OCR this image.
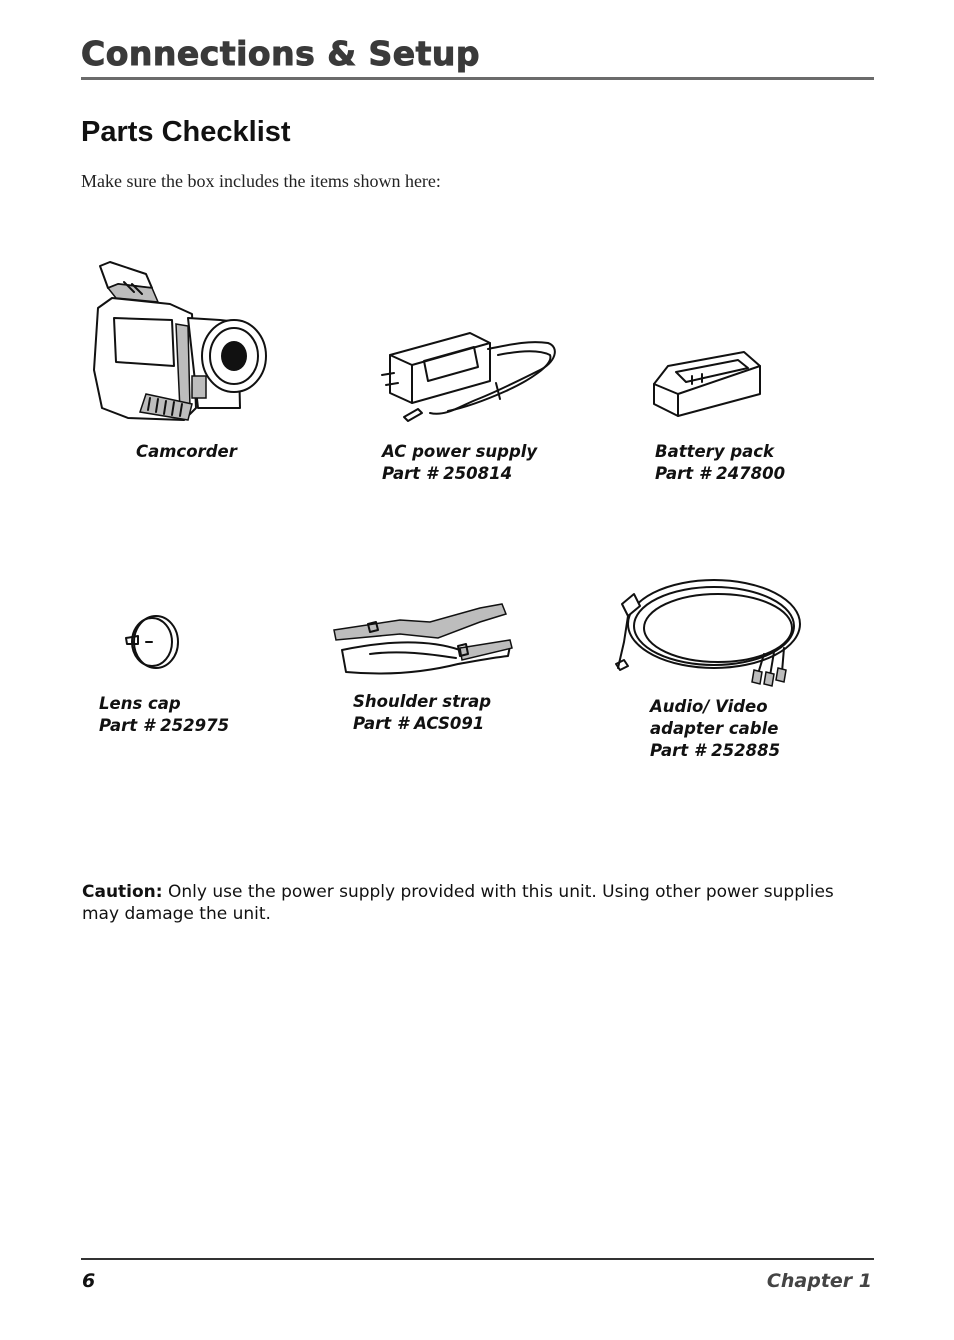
Connections & Setup
Parts Checklist
Make sure the box includes the items shown here:
Camcorder	AC power supply
Part # 250814
Battery pack
Part # 247800
Lens cap
Part # 252975
Shoulder strap
Part # ACS091
Audio/ Video
adapter cable
Part # 252885
Caution: Only use the power supply provided with this unit. Using other power supplies may damage the unit.
6	Chapter 1
